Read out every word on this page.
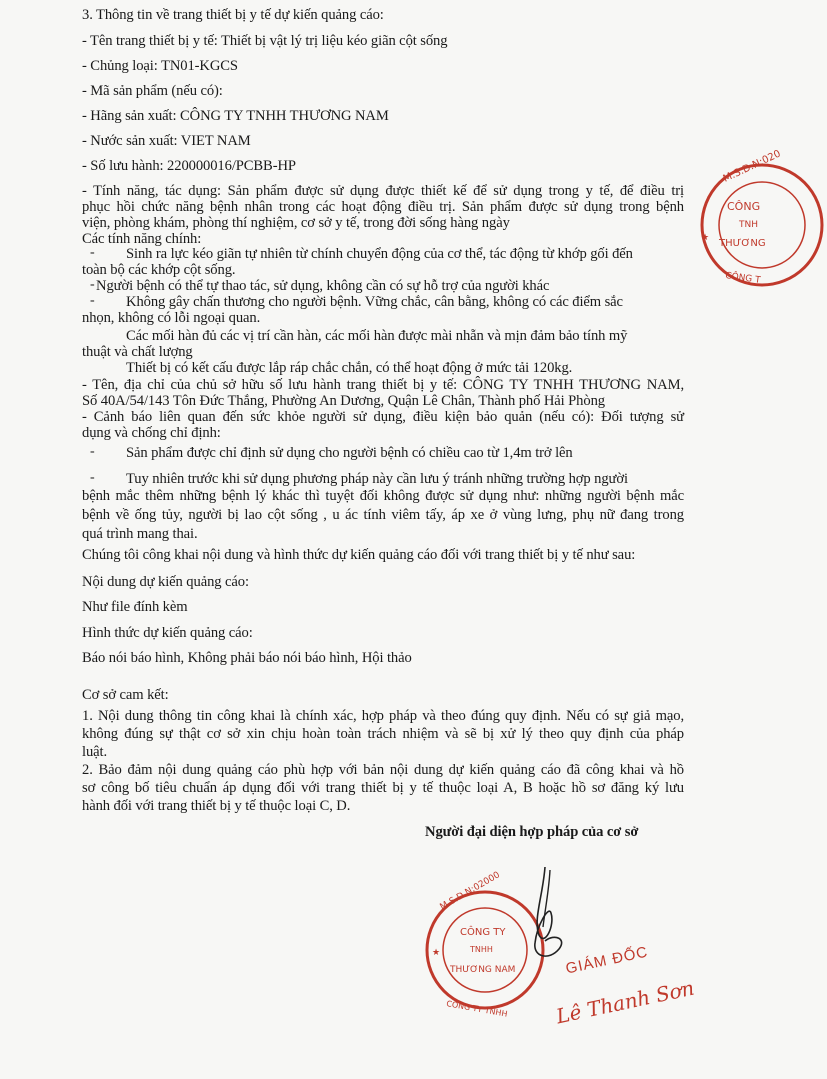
3. Thông tin về trang thiết bị y tế dự kiến quảng cáo:
- Tên trang thiết bị y tế: Thiết bị vật lý trị liệu kéo giãn cột sống
- Chủng loại: TN01-KGCS
- Mã sản phẩm (nếu có):
- Hãng sản xuất: CÔNG TY TNHH THƯƠNG NAM
- Nước sản xuất: VIET NAM
- Số lưu hành: 220000016/PCBB-HP
- Tính năng, tác dụng: Sản phẩm được sử dụng được thiết kế để sử dụng trong y tế, để điều trị
phục hồi chức năng bệnh nhân trong các hoạt động điều trị. Sản phẩm được sử dụng trong bệnh
viện, phòng khám, phòng thí nghiệm, cơ sở y tế, trong đời sống hàng ngày
Các tính năng chính:
- Sinh ra lực kéo giãn tự nhiên từ chính chuyển động của cơ thể, tác động từ khớp gối đến
toàn bộ các khớp cột sống.
- Người bệnh có thể tự thao tác, sử dụng, không cần có sự hỗ trợ của người khác
- Không gây chấn thương cho người bệnh. Vững chắc, cân bằng, không có các điểm sắc
nhọn, không có lỗi ngoại quan.
Các mối hàn đủ các vị trí cần hàn, các mối hàn được mài nhẵn và mịn đảm bảo tính mỹ
thuật và chất lượng
Thiết bị có kết cấu được lắp ráp chắc chắn, có thể hoạt động ở mức tải 120kg.
- Tên, địa chỉ của chủ sở hữu số lưu hành trang thiết bị y tế: CÔNG TY TNHH THƯƠNG NAM,
Số 40A/54/143 Tôn Đức Thắng, Phường An Dương, Quận Lê Chân, Thành phố Hải Phòng
- Cảnh báo liên quan đến sức khỏe người sử dụng, điều kiện bảo quản (nếu có): Đối tượng sử
dụng và chống chỉ định:
- Sản phẩm được chỉ định sử dụng cho người bệnh có chiều cao từ 1,4m trở lên
- Tuy nhiên trước khi sử dụng phương pháp này cần lưu ý tránh những trường hợp người
bệnh mắc thêm những bệnh lý khác thì tuyệt đối không được sử dụng như: những người bệnh mắc
bệnh về ống tủy, người bị lao cột sống , u ác tính viêm tấy, áp xe ở vùng lưng, phụ nữ đang trong
quá trình mang thai.
Chúng tôi công khai nội dung và hình thức dự kiến quảng cáo đối với trang thiết bị y tế như sau:
Nội dung dự kiến quảng cáo:
Như file đính kèm
Hình thức dự kiến quảng cáo:
Báo nói báo hình, Không phải báo nói báo hình, Hội thảo
Cơ sở cam kết:
1. Nội dung thông tin công khai là chính xác, hợp pháp và theo đúng quy định. Nếu có sự giả mạo,
không đúng sự thật cơ sở xin chịu hoàn toàn trách nhiệm và sẽ bị xử lý theo quy định của pháp
luật.
2. Bảo đảm nội dung quảng cáo phù hợp với bản nội dung dự kiến quảng cáo đã công khai và hồ
sơ công bố tiêu chuẩn áp dụng đối với trang thiết bị y tế thuộc loại A, B hoặc hồ sơ đăng ký lưu
hành đối với trang thiết bị y tế thuộc loại C, D.
Người đại diện hợp pháp của cơ sở
M.S.D.N:020
CÔNG
TNH
THƯƠNG
CÔNG T
★
M.S.D.N:02000
CÔNG TY
TNHH
THƯƠNG NAM
CÔNG TY TNHH
★	GIÁM ĐỐC
Lê Thanh Sơn
